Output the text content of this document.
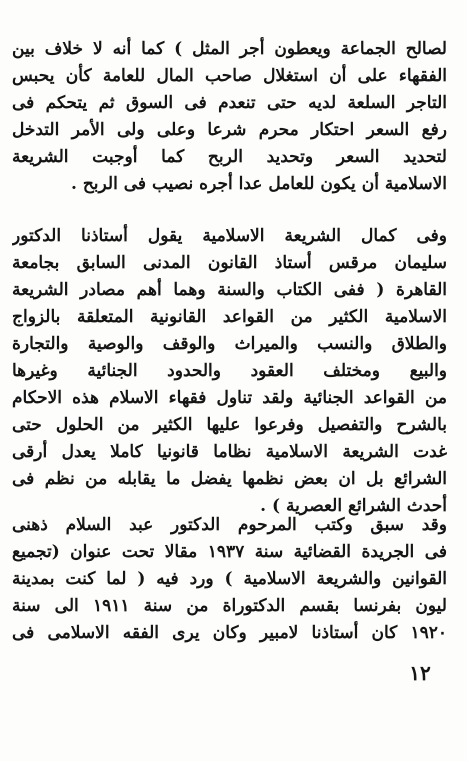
لصالح الجماعة ويعطون أجر المثل ) كما أنه لا خلاف بين
الفقهاء على أن استغلال صاحب المال للعامة كأن يحبس
التاجر السلعة لديه حتى تنعدم فى السوق ثم يتحكم فى
رفع السعر احتكار محرم شرعا وعلى ولى الأمر التدخل
لتحديد السعر وتحديد الربح كما أوجبت الشريعة
الاسلامية أن يكون للعامل عدا أجره نصيب فى الربح .
وفى كمال الشريعة الاسلامية يقول أستاذنا الدكتور
سليمان مرقس أستاذ القانون المدنى السابق بجامعة
القاهرة ( ففى الكتاب والسنة وهما أهم مصادر الشريعة
الاسلامية الكثير من القواعد القانونية المتعلقة بالزواج
والطلاق والنسب والميراث والوقف والوصية والتجارة
والبيع ومختلف العقود والحدود الجنائية وغيرها
من القواعد الجنائية ولقد تناول فقهاء الاسلام هذه الاحكام
بالشرح والتفصيل وفرعوا عليها الكثير من الحلول حتى
غدت الشريعة الاسلامية نظاما قانونيا كاملا يعدل أرقى
الشرائع بل ان بعض نظمها يفضل ما يقابله من نظم فى
أحدث الشرائع العصرية ) .
وقد سبق وكتب المرحوم الدكتور عبد السلام ذهنى
فى الجريدة القضائية سنة ١٩٣٧ مقالا تحت عنوان (تجميع
القوانين والشريعة الاسلامية ) ورد فيه ( لما كنت بمدينة
ليون بفرنسا بقسم الدكتوراة من سنة ١٩١١ الى سنة
١٩٢٠ كان أستاذنا لامبير وكان يرى الفقه الاسلامى فى
١٢
